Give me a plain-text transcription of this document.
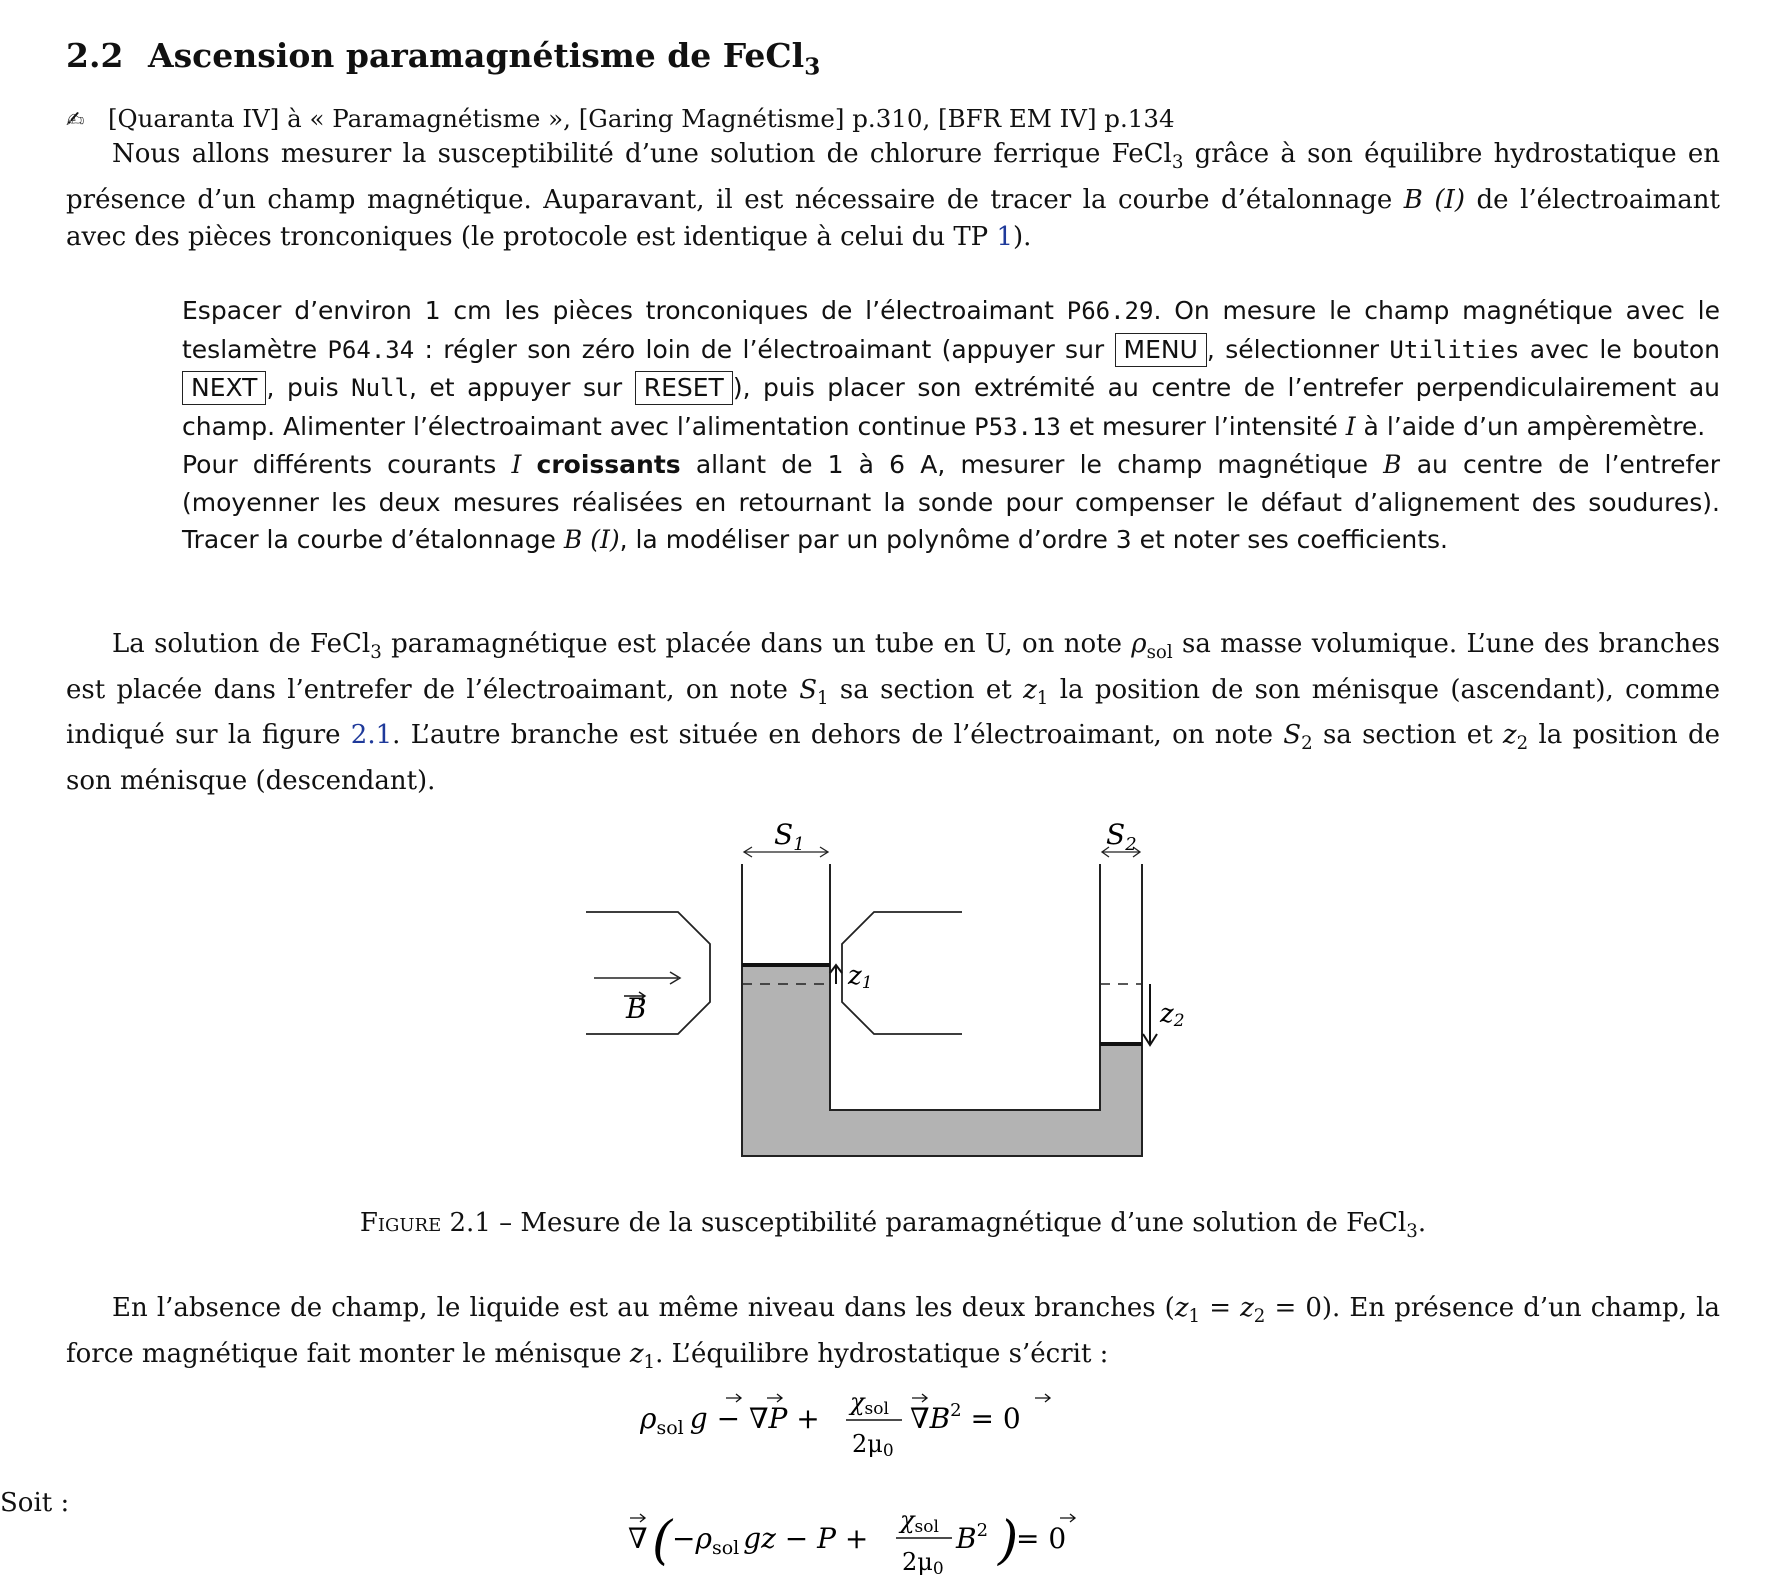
2.2 Ascension paramagnétisme de FeCl$_3$
✍ [Quaranta IV] à « Paramagnétisme », [Garing Magnétisme] p.310, [BFR EM IV] p.134

Nous allons mesurer la susceptibilité d’une solution de chlorure ferrique FeCl$_3$ grâce à son équilibre hydrostatique en présence d’un champ magnétique. Auparavant, il est nécessaire de tracer la courbe d’étalonnage B (I) de l’électroaimant avec des pièces tronconiques (le protocole est identique à celui du TP 1).

Espacer d’environ 1 cm les pièces tronconiques de l’électroaimant P66.29. On mesure le champ magnétique avec le teslamètre P64.34 : régler son zéro loin de l’électroaimant (appuyer sur MENU , sélectionner Utilities avec le bouton NEXT , puis Null, et appuyer sur RESET ), puis placer son extrémité au centre de l’entrefer perpendiculairement au champ. Alimenter l’électroaimant avec l’alimentation continue P53.13 et mesurer l’intensité I à l’aide d’un ampèremètre.
Pour différents courants I croissants allant de 1 à 6 A, mesurer le champ magnétique B au centre de l’entrefer (moyenner les deux mesures réalisées en retournant la sonde pour compenser le défaut d’alignement des soudures). Tracer la courbe d’étalonnage B (I), la modéliser par un polynôme d’ordre 3 et noter ses coefficients.

La solution de FeCl$_3$ paramagnétique est placée dans un tube en U, on note $\rho_{sol}$ sa masse volumique. L’une des branches est placée dans l’entrefer de l’électroaimant, on note $S_1$ sa section et $z_1$ la position de son ménisque (ascendant), comme indiqué sur la figure 2.1. L’autre branche est située en dehors de l’électroaimant, on note $S_2$ sa section et $z_2$ la position de son ménisque (descendant).

B
$S_1$	$S_2$
z1
z2
Figure 2.1 – Mesure de la susceptibilité paramagnétique d’une solution de FeCl$_3$.

En l’absence de champ, le liquide est au même niveau dans les deux branches $(z_1 = z_2 = 0)$. En présence d’un champ, la force magnétique fait monter le ménisque $z_1$. L’équilibre hydrostatique s’écrit :

$\rho_{sol}$ g − ∇P + χsol
2μ0
$\nabla B^2 = 0$
Soit :
∇ ( $-\rho_{sol}$ gz − P +
χsol
2μ0
$B^2$ )
= 0
